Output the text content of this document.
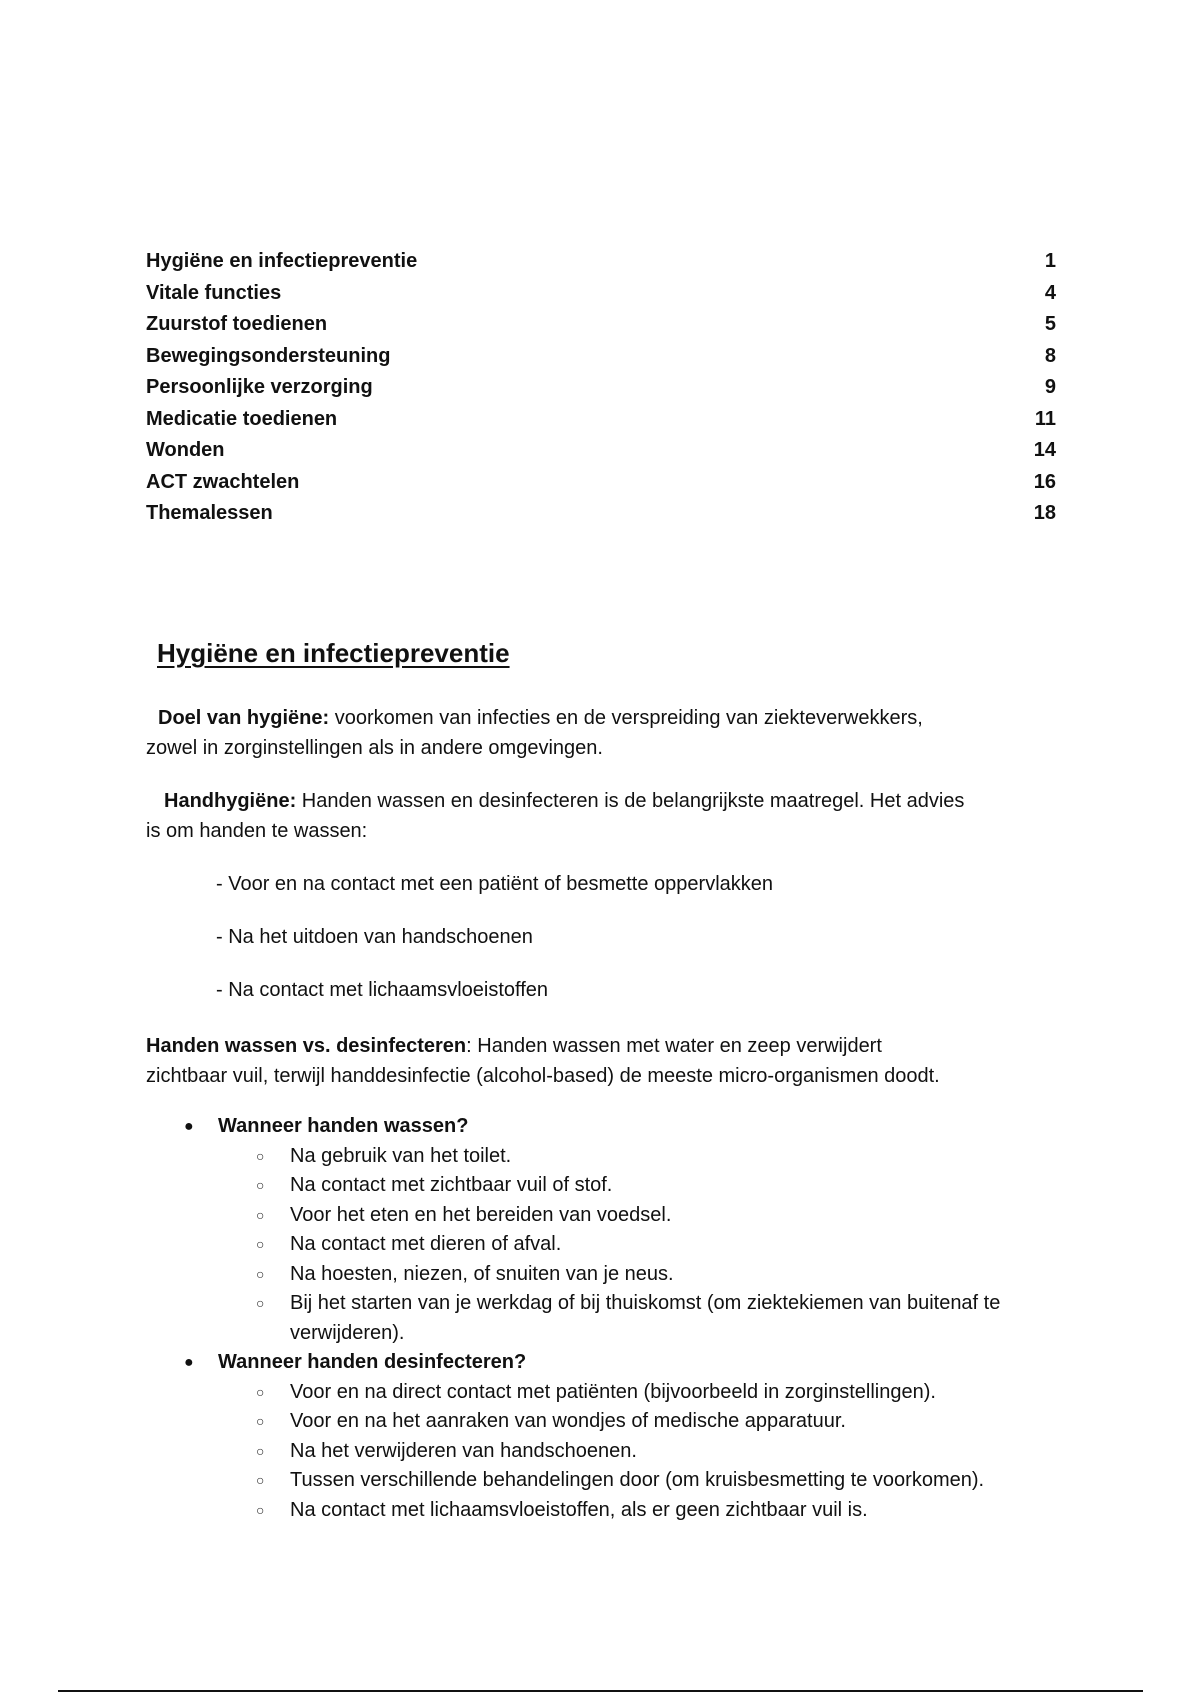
Hygiëne en infectiepreventie	1
Vitale functies	4
Zuurstof toedienen	5
Bewegingsondersteuning	8
Persoonlijke verzorging	9
Medicatie toedienen	11
Wonden	14
ACT zwachtelen	16
Themalessen	18
Hygiëne en infectiepreventie

Doel van hygiëne: voorkomen van infecties en de verspreiding van ziekteverwekkers,
zowel in zorginstellingen als in andere omgevingen.

Handhygiëne: Handen wassen en desinfecteren is de belangrijkste maatregel. Het advies
is om handen te wassen:

- Voor en na contact met een patiënt of besmette oppervlakken
- Na het uitdoen van handschoenen
- Na contact met lichaamsvloeistoffen

Handen wassen vs. desinfecteren: Handen wassen met water en zeep verwijdert
zichtbaar vuil, terwijl handdesinfectie (alcohol-based) de meeste micro-organismen doodt.

● Wanneer handen wassen?
○ Na gebruik van het toilet.
○ Na contact met zichtbaar vuil of stof.
○ Voor het eten en het bereiden van voedsel.
○ Na contact met dieren of afval.
○ Na hoesten, niezen, of snuiten van je neus.
○ Bij het starten van je werkdag of bij thuiskomst (om ziektekiemen van buitenaf te verwijderen).
● Wanneer handen desinfecteren?
○ Voor en na direct contact met patiënten (bijvoorbeeld in zorginstellingen).
○ Voor en na het aanraken van wondjes of medische apparatuur.
○ Na het verwijderen van handschoenen.
○ Tussen verschillende behandelingen door (om kruisbesmetting te voorkomen).
○ Na contact met lichaamsvloeistoffen, als er geen zichtbaar vuil is.
